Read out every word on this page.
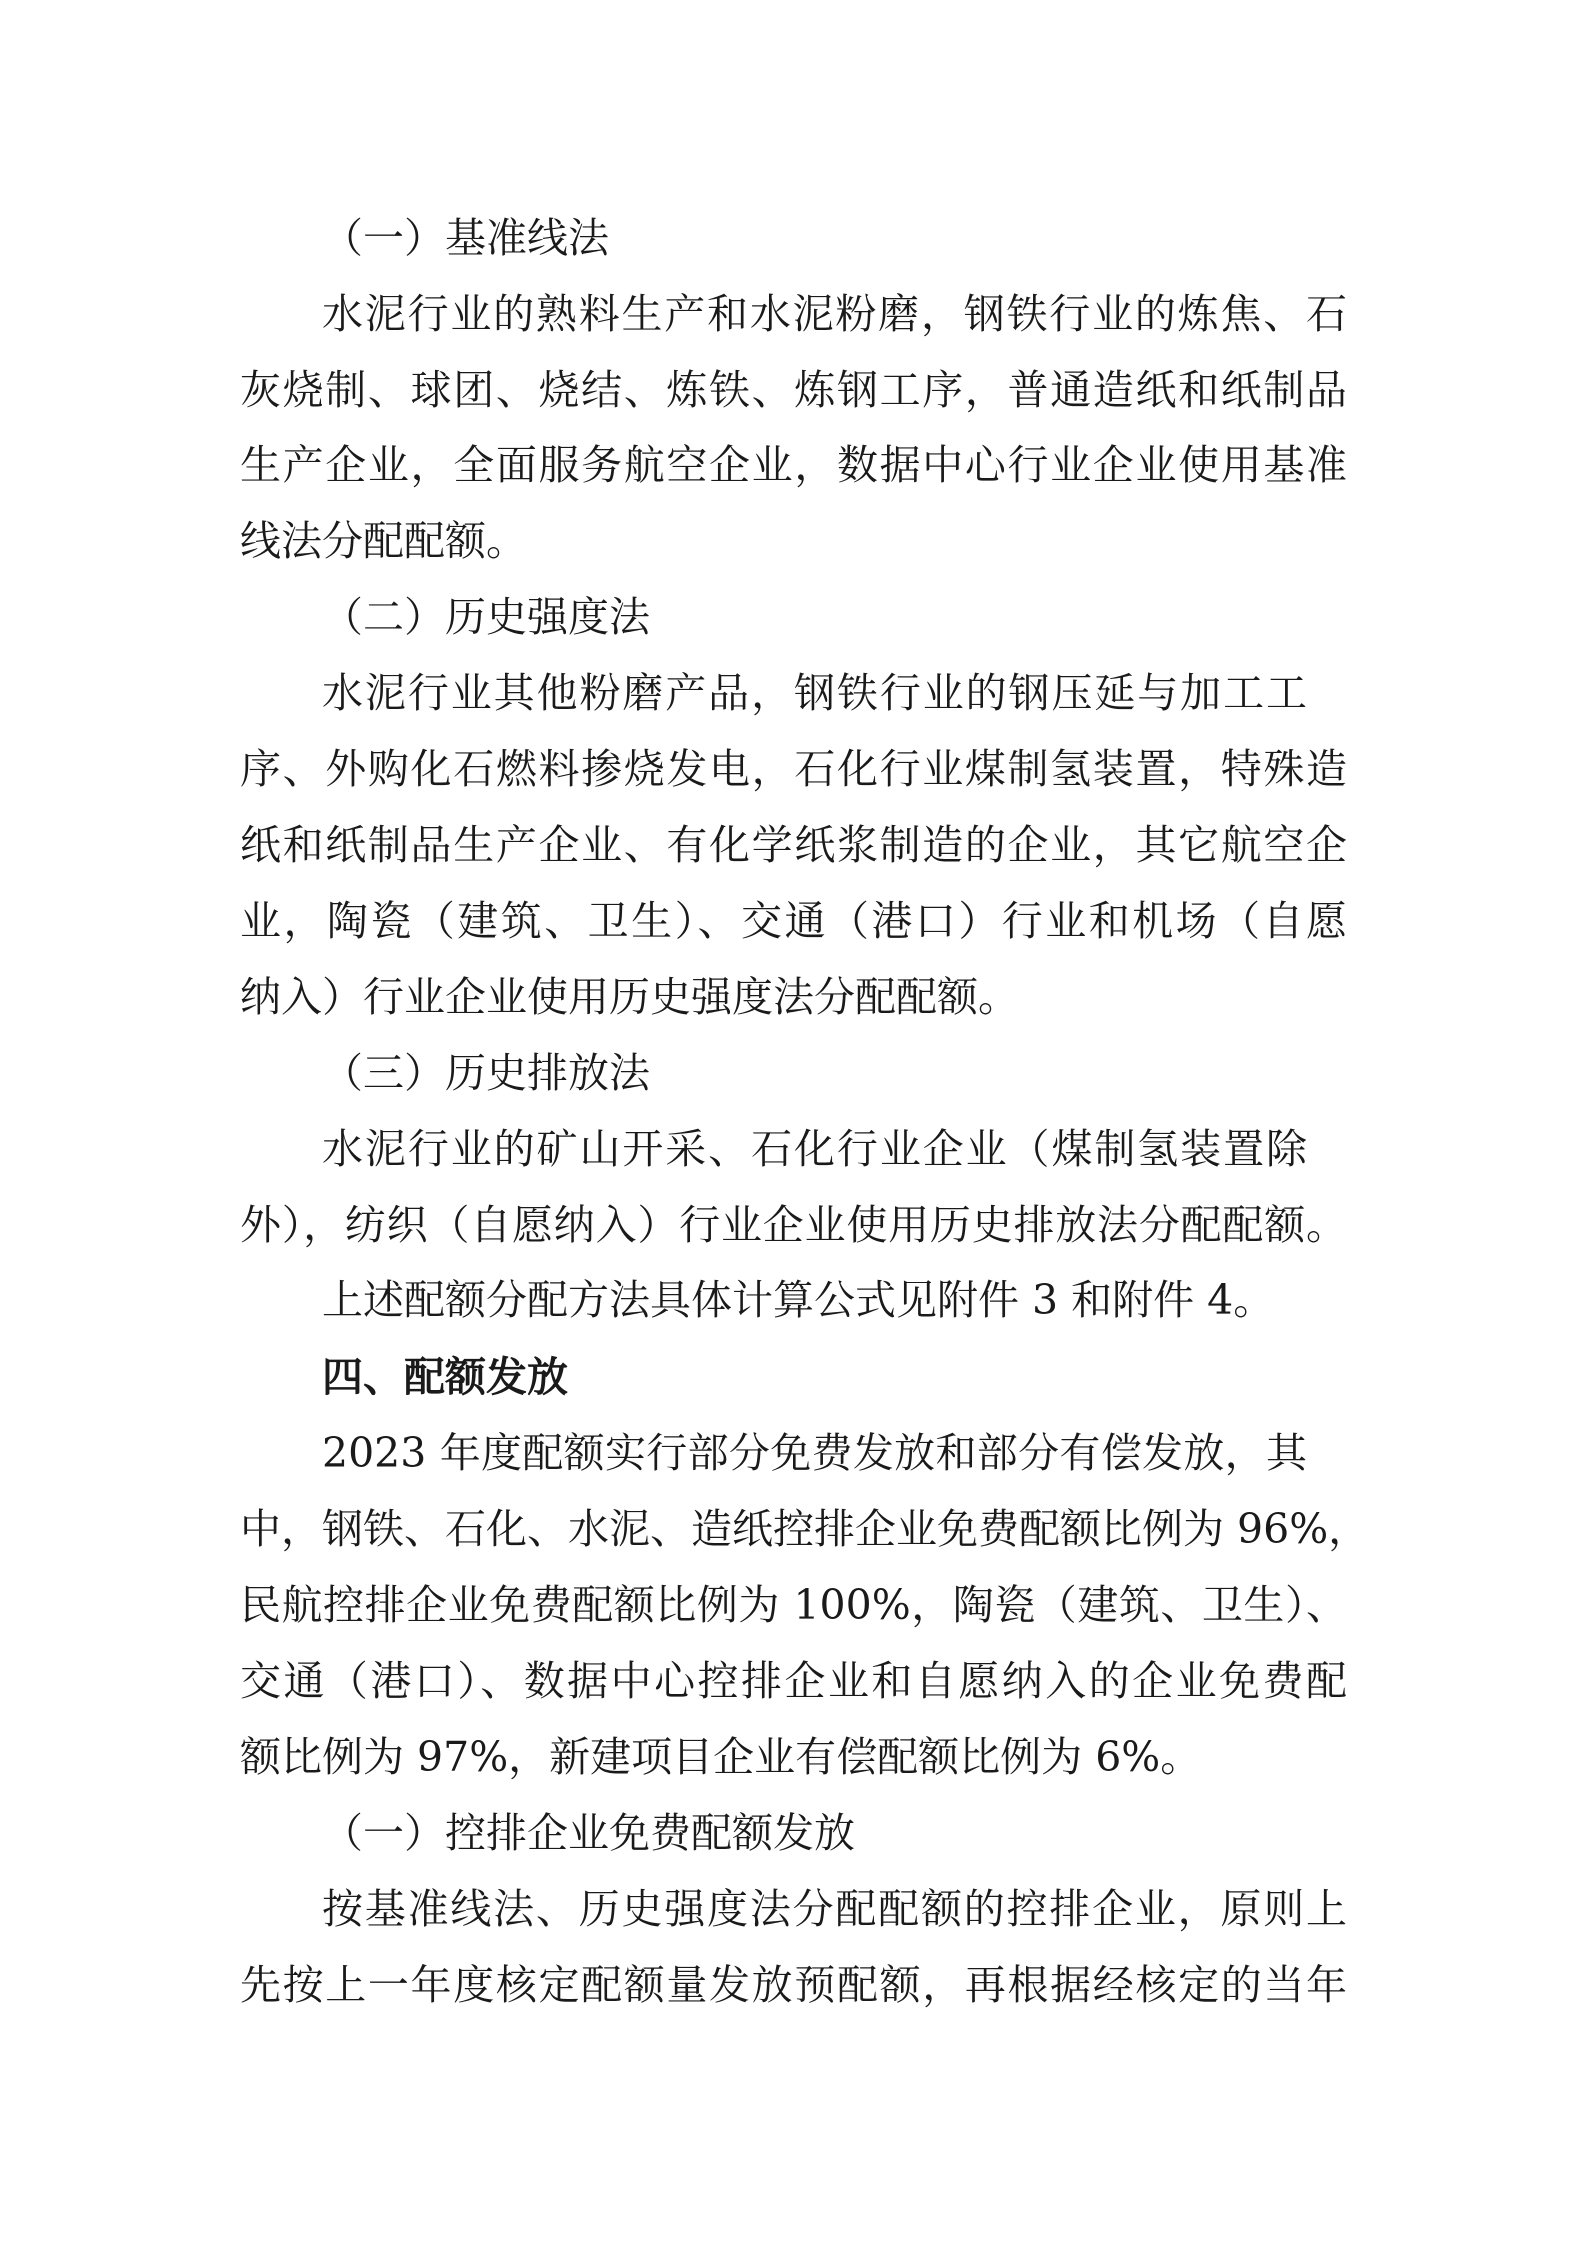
（一）基准线法

水泥行业的熟料生产和水泥粉磨，钢铁行业的炼焦、石

灰烧制、球团、烧结、炼铁、炼钢工序，普通造纸和纸制品

生产企业，全面服务航空企业，数据中心行业企业使用基准

线法分配配额。

（二）历史强度法

水泥行业其他粉磨产品，钢铁行业的钢压延与加工工

序、外购化石燃料掺烧发电，石化行业煤制氢装置，特殊造

纸和纸制品生产企业、有化学纸浆制造的企业，其它航空企

业，陶瓷（建筑、卫生）、交通（港口）行业和机场（自愿

纳入）行业企业使用历史强度法分配配额。

（三）历史排放法

水泥行业的矿山开采、石化行业企业（煤制氢装置除

外），纺织（自愿纳入）行业企业使用历史排放法分配配额。

上述配额分配方法具体计算公式见附件 3 和附件 4。

四、配额发放

2023 年度配额实行部分免费发放和部分有偿发放，其

中，钢铁、石化、水泥、造纸控排企业免费配额比例为 96%，

民航控排企业免费配额比例为 100%，陶瓷（建筑、卫生）、

交通（港口）、数据中心控排企业和自愿纳入的企业免费配

额比例为 97%，新建项目企业有偿配额比例为 6%。

（一）控排企业免费配额发放

按基准线法、历史强度法分配配额的控排企业，原则上

先按上一年度核定配额量发放预配额，再根据经核定的当年
